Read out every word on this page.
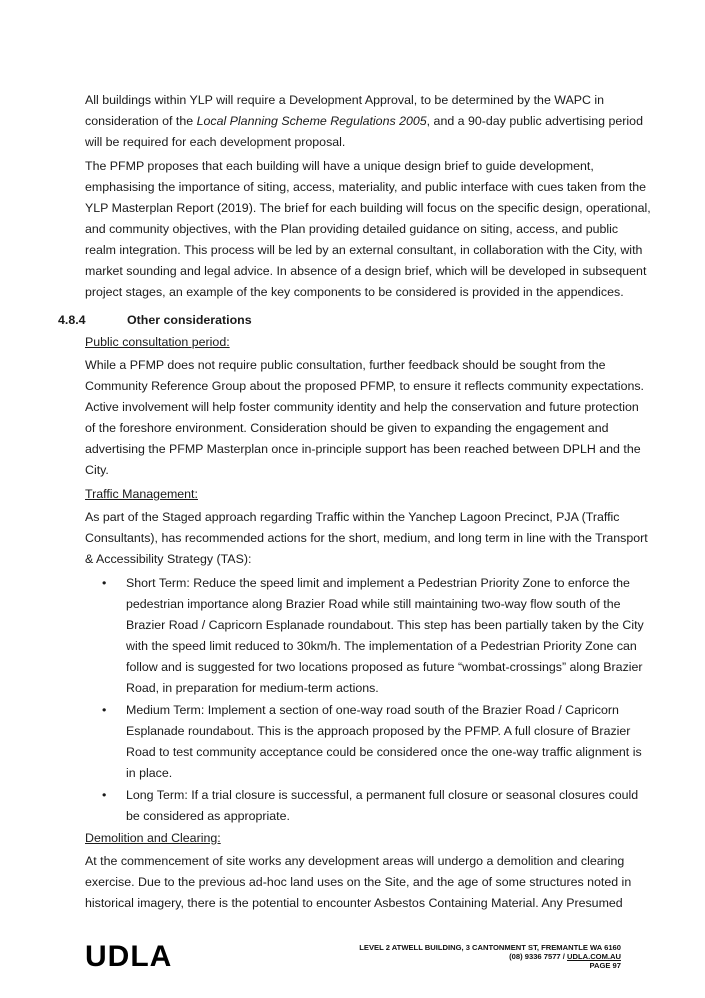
All buildings within YLP will require a Development Approval, to be determined by the WAPC in
consideration of the Local Planning Scheme Regulations 2005, and a 90-day public advertising period
will be required for each development proposal.

The PFMP proposes that each building will have a unique design brief to guide development,
emphasising the importance of siting, access, materiality, and public interface with cues taken from the
YLP Masterplan Report (2019). The brief for each building will focus on the specific design, operational,
and community objectives, with the Plan providing detailed guidance on siting, access, and public
realm integration. This process will be led by an external consultant, in collaboration with the City, with
market sounding and legal advice. In absence of a design brief, which will be developed in subsequent
project stages, an example of the key components to be considered is provided in the appendices.

4.8.4	Other considerations
Public consultation period:

While a PFMP does not require public consultation, further feedback should be sought from the
Community Reference Group about the proposed PFMP, to ensure it reflects community expectations.
Active involvement will help foster community identity and help the conservation and future protection
of the foreshore environment. Consideration should be given to expanding the engagement and
advertising the PFMP Masterplan once in-principle support has been reached between DPLH and the
City.

Traffic Management:

As part of the Staged approach regarding Traffic within the Yanchep Lagoon Precinct, PJA (Traffic
Consultants), has recommended actions for the short, medium, and long term in line with the Transport
& Accessibility Strategy (TAS):

• Short Term: Reduce the speed limit and implement a Pedestrian Priority Zone to enforce the
pedestrian importance along Brazier Road while still maintaining two-way flow south of the
Brazier Road / Capricorn Esplanade roundabout. This step has been partially taken by the City
with the speed limit reduced to 30km/h. The implementation of a Pedestrian Priority Zone can
follow and is suggested for two locations proposed as future “wombat-crossings” along Brazier
Road, in preparation for medium-term actions.
• Medium Term: Implement a section of one-way road south of the Brazier Road / Capricorn
Esplanade roundabout. This is the approach proposed by the PFMP. A full closure of Brazier
Road to test community acceptance could be considered once the one-way traffic alignment is
in place.
• Long Term: If a trial closure is successful, a permanent full closure or seasonal closures could
be considered as appropriate.
Demolition and Clearing:

At the commencement of site works any development areas will undergo a demolition and clearing
exercise. Due to the previous ad-hoc land uses on the Site, and the age of some structures noted in
historical imagery, there is the potential to encounter Asbestos Containing Material. Any Presumed

UDLA	LEVEL 2 ATWELL BUILDING, 3 CANTONMENT ST, FREMANTLE WA 6160
(08) 9336 7577 / UDLA.COM.AU
PAGE 97
